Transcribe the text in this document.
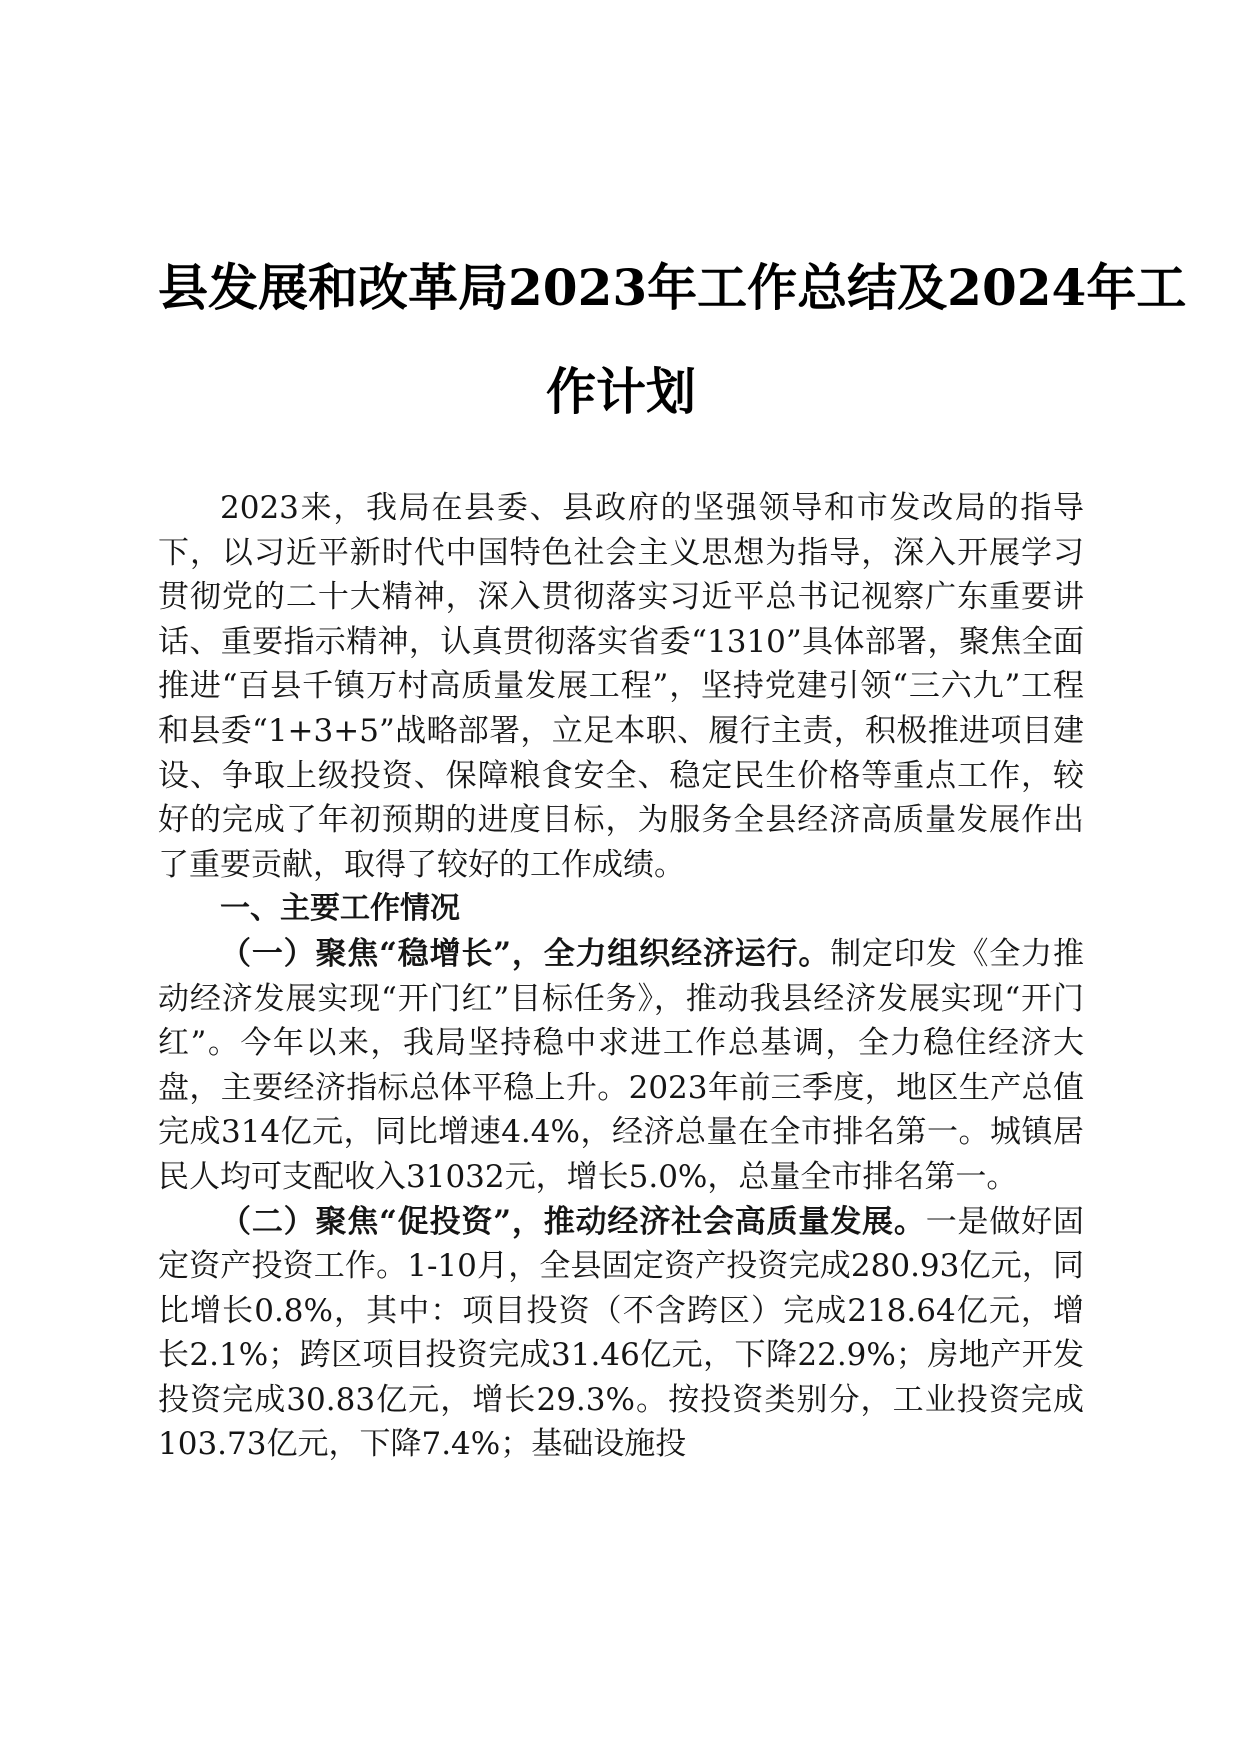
县发展和改革局2023年工作总结及2024年工
作计划

2023来，我局在县委、县政府的坚强领导和市发改局的指导下，以习近平新时代中国特色社会主义思想为指导，深入开展学习贯彻党的二十大精神，深入贯彻落实习近平总书记视察广东重要讲话、重要指示精神，认真贯彻落实省委“1310”具体部署，聚焦全面推进“百县千镇万村高质量发展工程”，坚持党建引领“三六九”工程和县委“1+3+5”战略部署，立足本职、履行主责，积极推进项目建设、争取上级投资、保障粮食安全、稳定民生价格等重点工作，较好的完成了年初预期的进度目标，为服务全县经济高质量发展作出了重要贡献，取得了较好的工作成绩。

一、主要工作情况

（一）聚焦“稳增长”，全力组织经济运行。制定印发《全力推动经济发展实现“开门红”目标任务》，推动我县经济发展实现“开门红”。今年以来，我局坚持稳中求进工作总基调，全力稳住经济大盘，主要经济指标总体平稳上升。2023年前三季度，地区生产总值完成314亿元，同比增速4.4%，经济总量在全市排名第一。城镇居民人均可支配收入31032元，增长5.0%，总量全市排名第一。

（二）聚焦“促投资”，推动经济社会高质量发展。一是做好固定资产投资工作。1-10月，全县固定资产投资完成280.93亿元，同比增长0.8%，其中：项目投资（不含跨区）完成218.64亿元，增长2.1%；跨区项目投资完成31.46亿元，下降22.9%；房地产开发投资完成30.83亿元，增长29.3%。按投资类别分，工业投资完成103.73亿元，下降7.4%；基础设施投
